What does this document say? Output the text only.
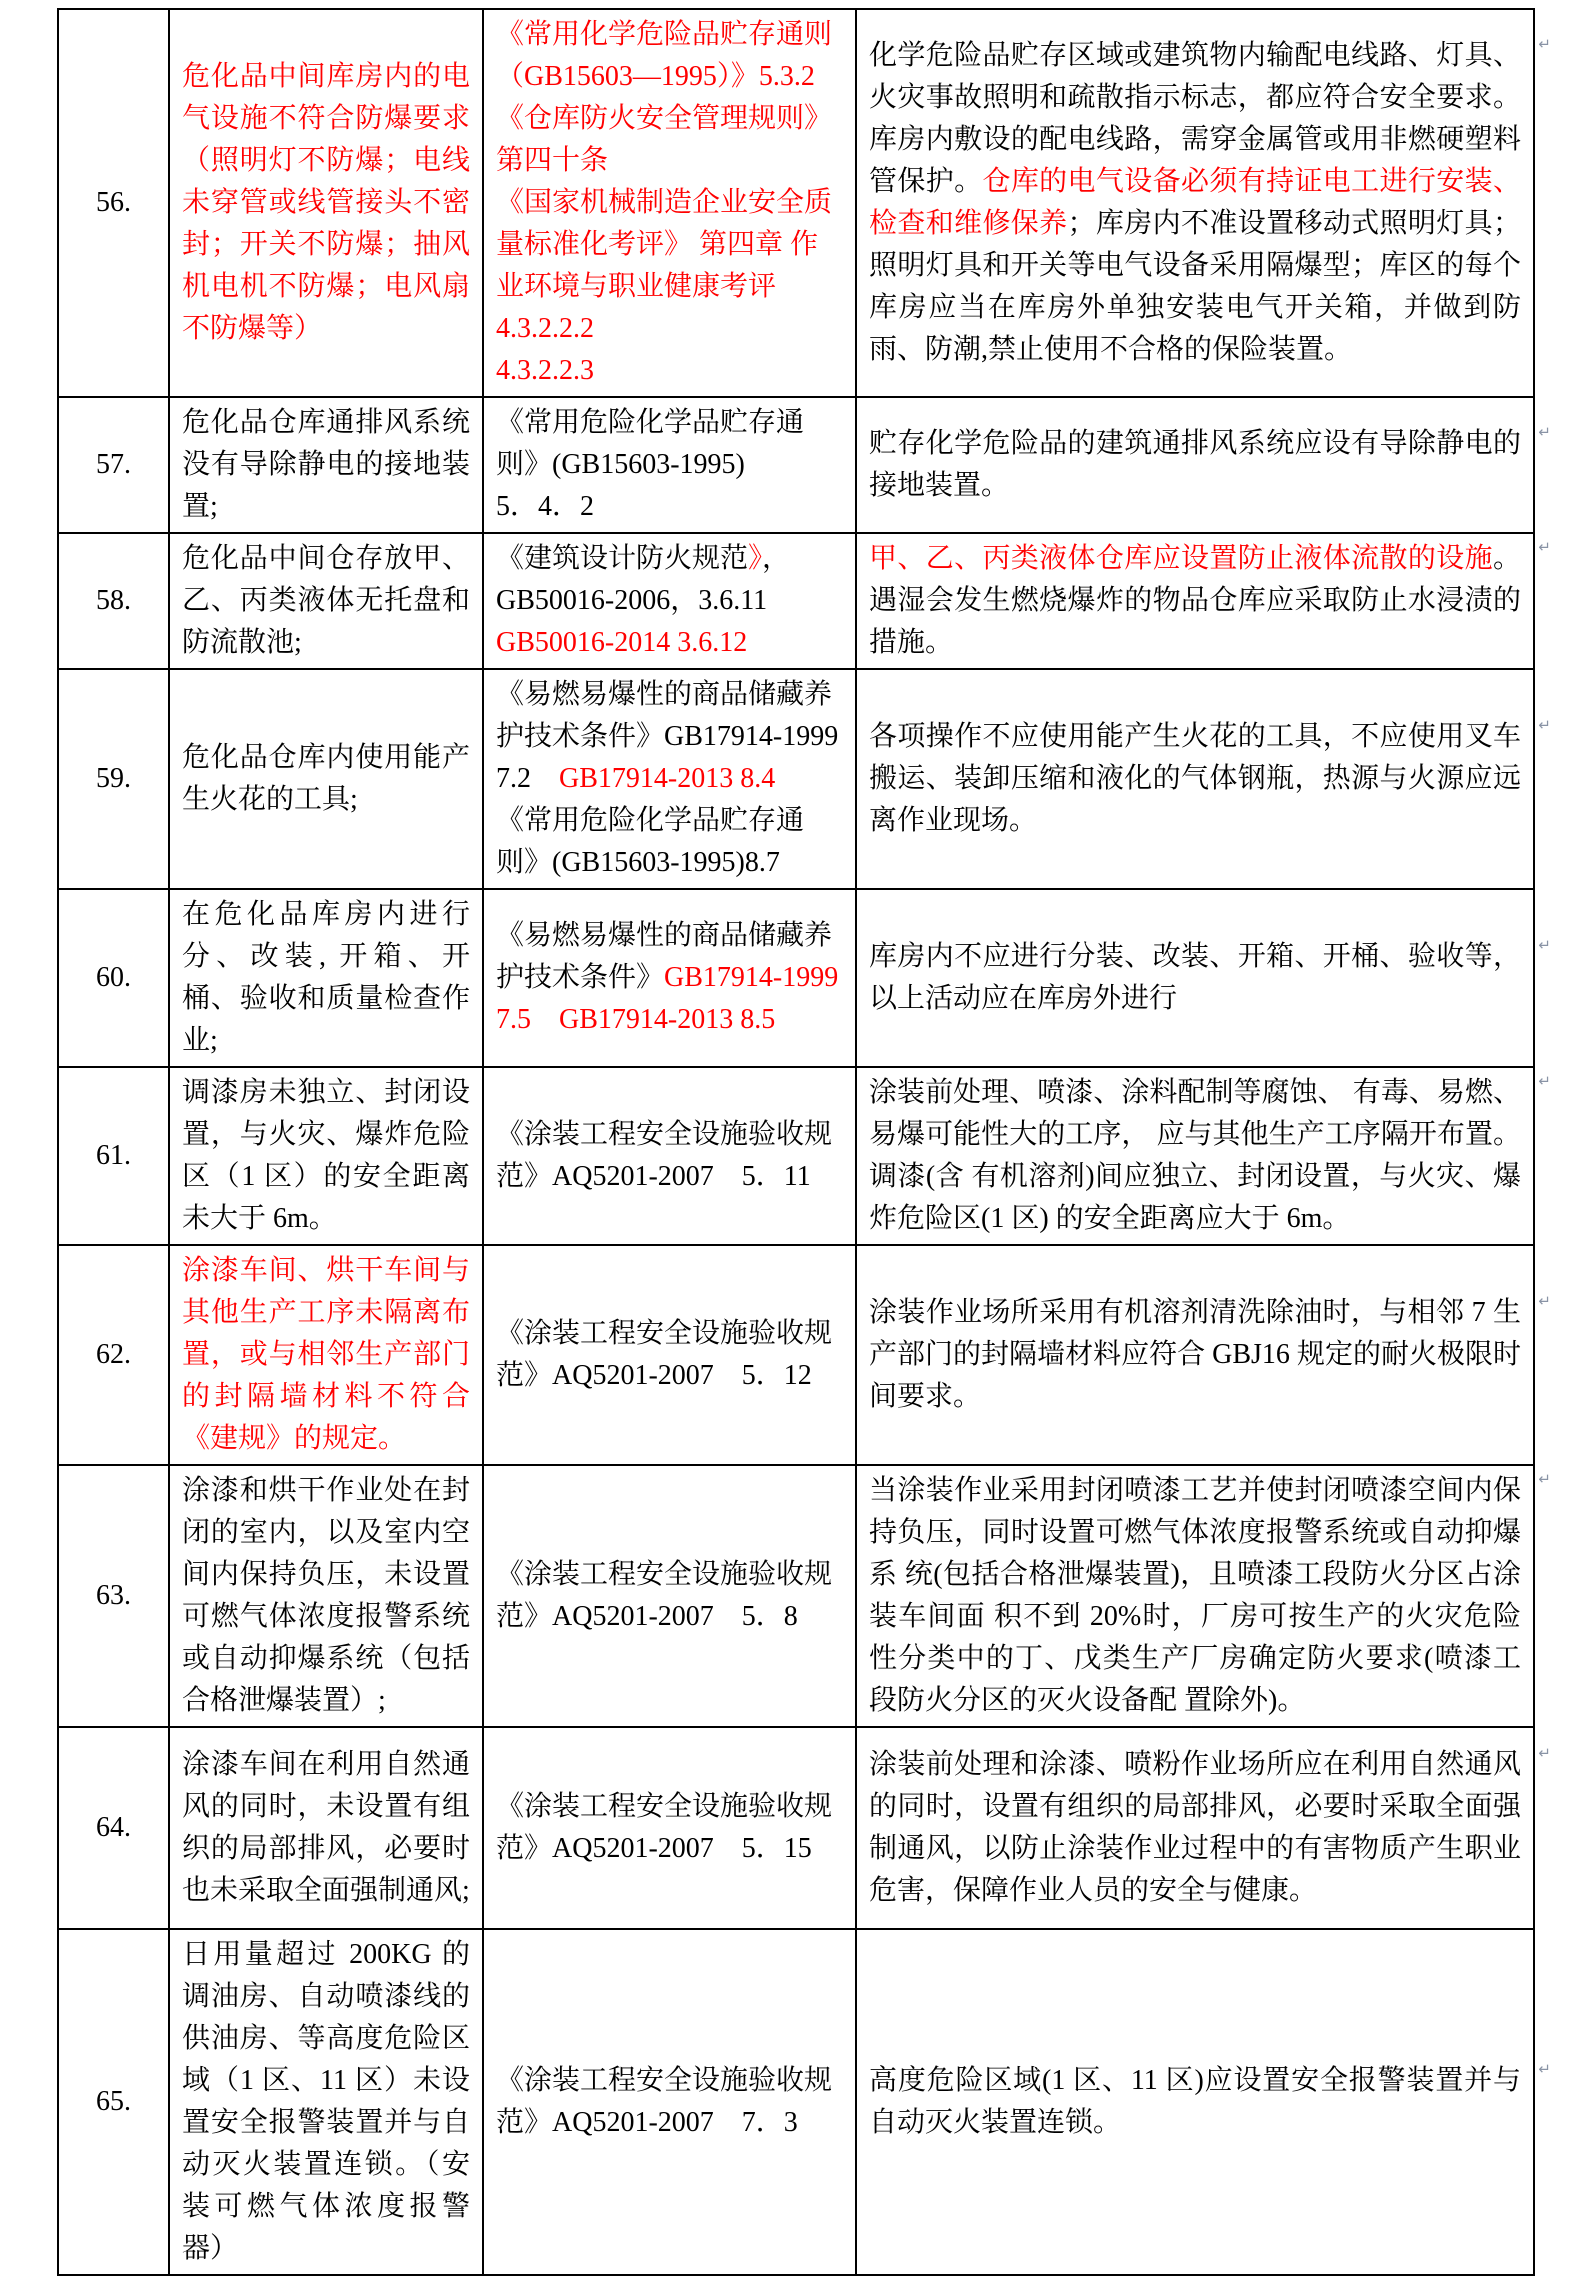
56.	危化品中间库房内的电气设施不符合防爆要求（照明灯不防爆；电线未穿管或线管接头不密封；开关不防爆；抽风机电机不防爆；电风扇不防爆等）	《常用化学危险品贮存通则（GB15603—1995）》5.3.2
《仓库防火安全管理规则》第四十条
《国家机械制造企业安全质量标准化考评》 第四章 作业环境与职业健康考评
4.3.2.2.2
4.3.2.2.3	↵
化学危险品贮存区域或建筑物内输配电线路、灯具、火灾事故照明和疏散指示标志，都应符合安全要求。库房内敷设的配电线路，需穿金属管或用非燃硬塑料管保护。仓库的电气设备必须有持证电工进行安装、检查和维修保养；库房内不准设置移动式照明灯具；照明灯具和开关等电气设备采用隔爆型；库区的每个库房应当在库房外单独安装电气开关箱，并做到防雨、防潮,禁止使用不合格的保险装置。

57.	危化品仓库通排风系统没有导除静电的接地装置;	《常用危险化学品贮存通则》(GB15603-1995)
5．4．2	↵
贮存化学危险品的建筑通排风系统应设有导除静电的接地装置。

58.	危化品中间仓存放甲、乙、丙类液体无托盘和防流散池;	《建筑设计防火规范》，GB50016-2006，3.6.11
GB50016-2014 3.6.12	↵
甲、乙、丙类液体仓库应设置防止液体流散的设施。遇湿会发生燃烧爆炸的物品仓库应采取防止水浸渍的措施。

59.	危化品仓库内使用能产生火花的工具;	《易燃易爆性的商品储藏养护技术条件》GB17914-1999 7.2　GB17914-2013 8.4　《常用危险化学品贮存通则》(GB15603-1995)8.7	↵
各项操作不应使用能产生火花的工具，不应使用叉车搬运、装卸压缩和液化的气体钢瓶，热源与火源应远离作业现场。

60.	在危化品库房内进行分、改装, 开箱、开桶、验收和质量检查作业;	《易燃易爆性的商品储藏养护技术条件》GB17914-1999 7.5　GB17914-2013 8.5	↵
库房内不应进行分装、改装、开箱、开桶、验收等，以上活动应在库房外进行

61.	调漆房未独立、封闭设置，与火灾、爆炸危险区（1 区）的安全距离未大于 6m。	《涂装工程安全设施验收规范》AQ5201-2007　5．11	↵
涂装前处理、喷漆、涂料配制等腐蚀、 有毒、易燃、易爆可能性大的工序， 应与其他生产工序隔开布置。调漆(含 有机溶剂)间应独立、封闭设置，与火灾、爆炸危险区(1 区) 的安全距离应大于 6m。

62.	涂漆车间、烘干车间与其他生产工序未隔离布置，或与相邻生产部门的封隔墙材料不符合《建规》的规定。	《涂装工程安全设施验收规范》AQ5201-2007　5．12	↵
涂装作业场所采用有机溶剂清洗除油时，与相邻 7 生产部门的封隔墙材料应符合 GBJ16 规定的耐火极限时间要求。

63.	涂漆和烘干作业处在封闭的室内，以及室内空间内保持负压，未设置可燃气体浓度报警系统或自动抑爆系统（包括合格泄爆装置）;	《涂装工程安全设施验收规范》AQ5201-2007　5．8	↵
当涂装作业采用封闭喷漆工艺并使封闭喷漆空间内保持负压，同时设置可燃气体浓度报警系统或自动抑爆系 统(包括合格泄爆装置)，且喷漆工段防火分区占涂装车间面 积不到 20%时，厂房可按生产的火灾危险性分类中的丁、戊类生产厂房确定防火要求(喷漆工段防火分区的灭火设备配 置除外)。

64.	涂漆车间在利用自然通风的同时，未设置有组织的局部排风，必要时也未采取全面强制通风;	《涂装工程安全设施验收规范》AQ5201-2007　5．15	↵
涂装前处理和涂漆、喷粉作业场所应在利用自然通风的同时，设置有组织的局部排风，必要时采取全面强制通风，以防止涂装作业过程中的有害物质产生职业危害，保障作业人员的安全与健康。

65.	日用量超过 200KG 的调油房、自动喷漆线的供油房、等高度危险区域（1 区、11 区）未设置安全报警装置并与自动灭火装置连锁。（安装可燃气体浓度报警器）	《涂装工程安全设施验收规范》AQ5201-2007　7．3	↵
高度危险区域(1 区、11 区)应设置安全报警装置并与自动灭火装置连锁。
